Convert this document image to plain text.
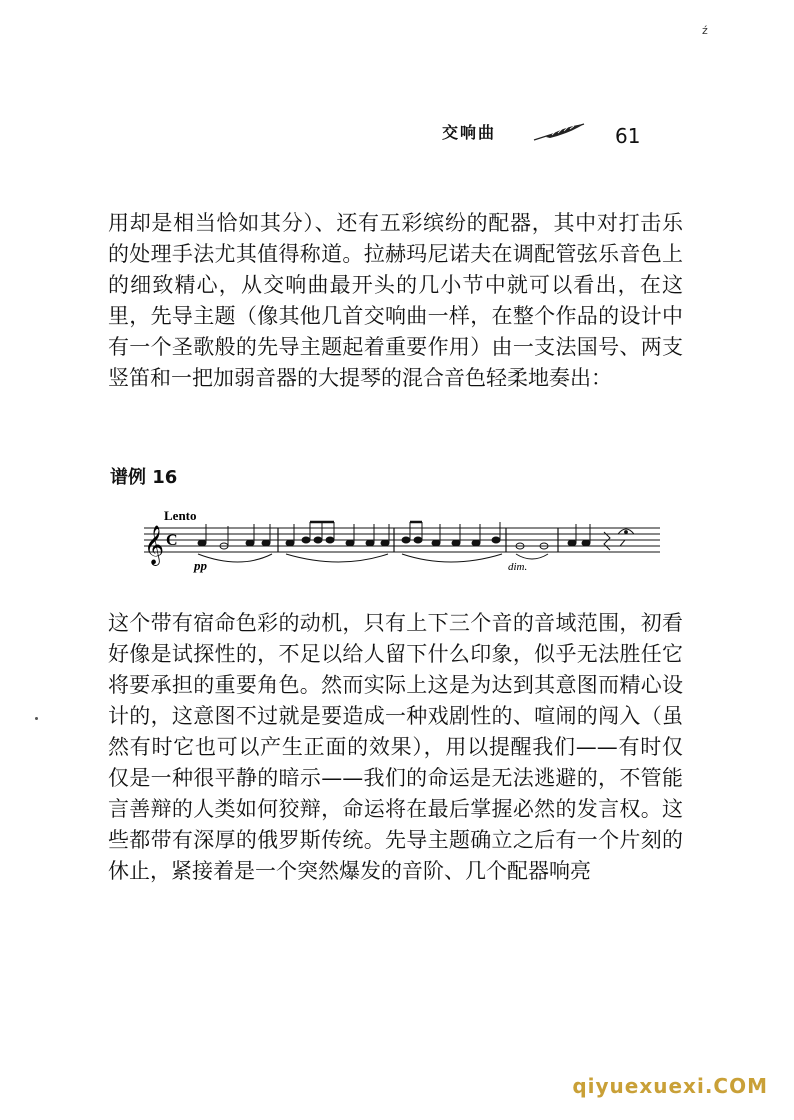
ź
交响曲	61

用却是相当恰如其分）、还有五彩缤纷的配器，其中对打击乐的处理手法尤其值得称道。拉赫玛尼诺夫在调配管弦乐音色上的细致精心，从交响曲最开头的几小节中就可以看出，在这里，先导主题（像其他几首交响曲一样，在整个作品的设计中有一个圣歌般的先导主题起着重要作用）由一支法国号、两支竖笛和一把加弱音器的大提琴的混合音色轻柔地奏出：

谱例 16
Lento
𝄞 C
pp	dim.

这个带有宿命色彩的动机，只有上下三个音的音域范围，初看好像是试探性的，不足以给人留下什么印象，似乎无法胜任它将要承担的重要角色。然而实际上这是为达到其意图而精心设计的，这意图不过就是要造成一种戏剧性的、喧闹的闯入（虽然有时它也可以产生正面的效果），用以提醒我们——有时仅仅是一种很平静的暗示——我们的命运是无法逃避的，不管能言善辩的人类如何狡辩，命运将在最后掌握必然的发言权。这些都带有深厚的俄罗斯传统。先导主题确立之后有一个片刻的休止，紧接着是一个突然爆发的音阶、几个配器响亮

qiyuexuexi.COM
